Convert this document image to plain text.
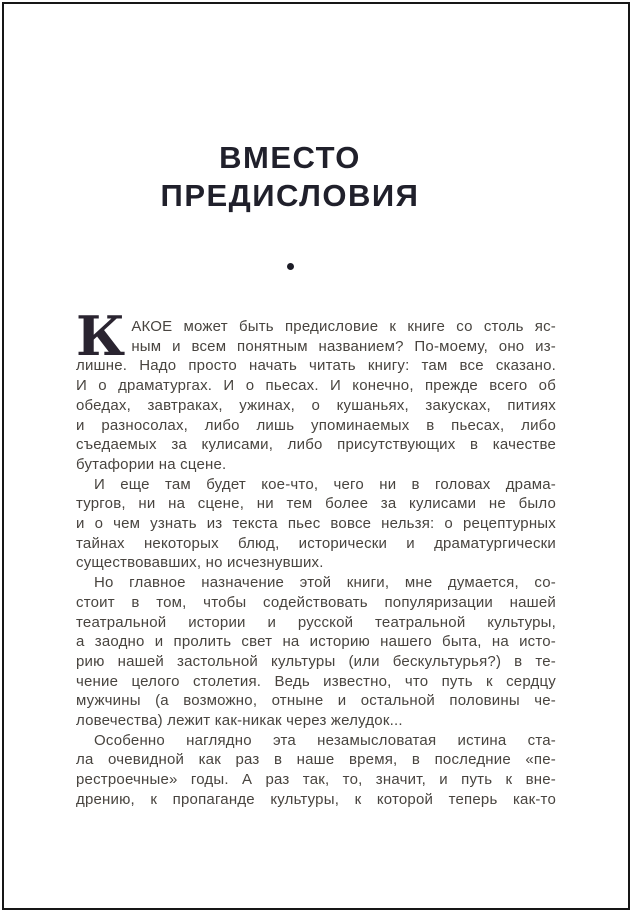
ВМЕСТО
ПРЕДИСЛОВИЯ
К АКОЕ может быть предисловие к книге со столь яс-
ным и всем понятным названием? По-моему, оно из-
лишне. Надо просто начать читать книгу: там все сказано.
И о драматургах. И о пьесах. И конечно, прежде всего об
обедах, завтраках, ужинах, о кушаньях, закусках, питиях
и разносолах, либо лишь упоминаемых в пьесах, либо
съедаемых за кулисами, либо присутствующих в качестве
бутафории на сцене.
И еще там будет кое-что, чего ни в головах драма-
тургов, ни на сцене, ни тем более за кулисами не было
и о чем узнать из текста пьес вовсе нельзя: о рецептурных
тайнах некоторых блюд, исторически и драматургически
существовавших, но исчезнувших.
Но главное назначение этой книги, мне думается, со-
стоит в том, чтобы содействовать популяризации нашей
театральной истории и русской театральной культуры,
а заодно и пролить свет на историю нашего быта, на исто-
рию нашей застольной культуры (или бескультурья?) в те-
чение целого столетия. Ведь известно, что путь к сердцу
мужчины (а возможно, отныне и остальной половины че-
ловечества) лежит как-никак через желудок...
Особенно наглядно эта незамысловатая истина ста-
ла очевидной как раз в наше время, в последние «пе-
рестроечные» годы. А раз так, то, значит, и путь к вне-
дрению, к пропаганде культуры, к которой теперь как-то
